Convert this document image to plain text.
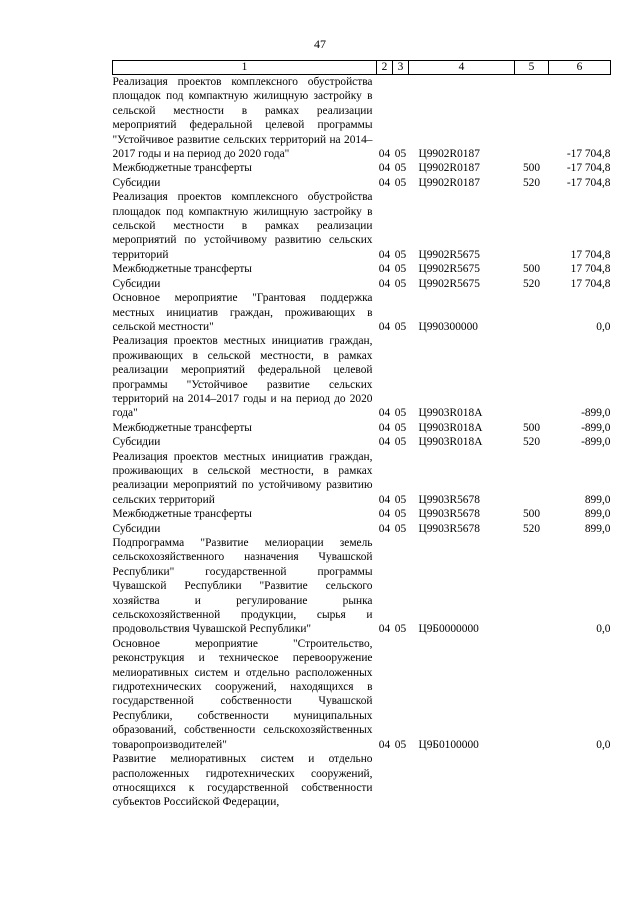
47
1	2	3	4	5	6
Реализация проектов комплексного обустройства площадок под компактную жилищную застройку в сельской местности в рамках реализации мероприятий федеральной целевой программы "Устойчивое развитие сельских территорий на 2014–2017 годы и на период до 2020 года"	04	05	Ц9902R0187		-17 704,8
Межбюджетные трансферты	04	05	Ц9902R0187	500	-17 704,8
Субсидии	04	05	Ц9902R0187	520	-17 704,8
Реализация проектов комплексного обустройства площадок под компактную жилищную застройку в сельской местности в рамках реализации мероприятий по устойчивому развитию сельских территорий	04	05	Ц9902R5675		17 704,8
Межбюджетные трансферты	04	05	Ц9902R5675	500	17 704,8
Субсидии	04	05	Ц9902R5675	520	17 704,8
Основное мероприятие "Грантовая поддержка местных инициатив граждан, проживающих в сельской местности"	04	05	Ц990300000		0,0
Реализация проектов местных инициатив граждан, проживающих в сельской местности, в рамках реализации мероприятий федеральной целевой программы "Устойчивое развитие сельских территорий на 2014–2017 годы и на период до 2020 года"	04	05	Ц9903R018A		-899,0
Межбюджетные трансферты	04	05	Ц9903R018A	500	-899,0
Субсидии	04	05	Ц9903R018A	520	-899,0
Реализация проектов местных инициатив граждан, проживающих в сельской местности, в рамках реализации мероприятий по устойчивому развитию сельских территорий	04	05	Ц9903R5678		899,0
Межбюджетные трансферты	04	05	Ц9903R5678	500	899,0
Субсидии	04	05	Ц9903R5678	520	899,0
Подпрограмма "Развитие мелиорации земель сельскохозяйственного назначения Чувашской Республики" государственной программы Чувашской Республики "Развитие сельского хозяйства и регулирование рынка сельскохозяйственной продукции, сырья и продовольствия Чувашской Республики"	04	05	Ц9Б0000000		0,0
Основное мероприятие "Строительство, реконструкция и техническое перевооружение мелиоративных систем и отдельно расположенных гидротехнических сооружений, находящихся в государственной собственности Чувашской Республики, собственности муниципальных образований, собственности сельскохозяйственных товаропроизводителей"	04	05	Ц9Б0100000		0,0
Развитие мелиоративных систем и отдельно расположенных гидротехнических сооружений, относящихся к государственной собственности субъектов Российской Федерации,					
